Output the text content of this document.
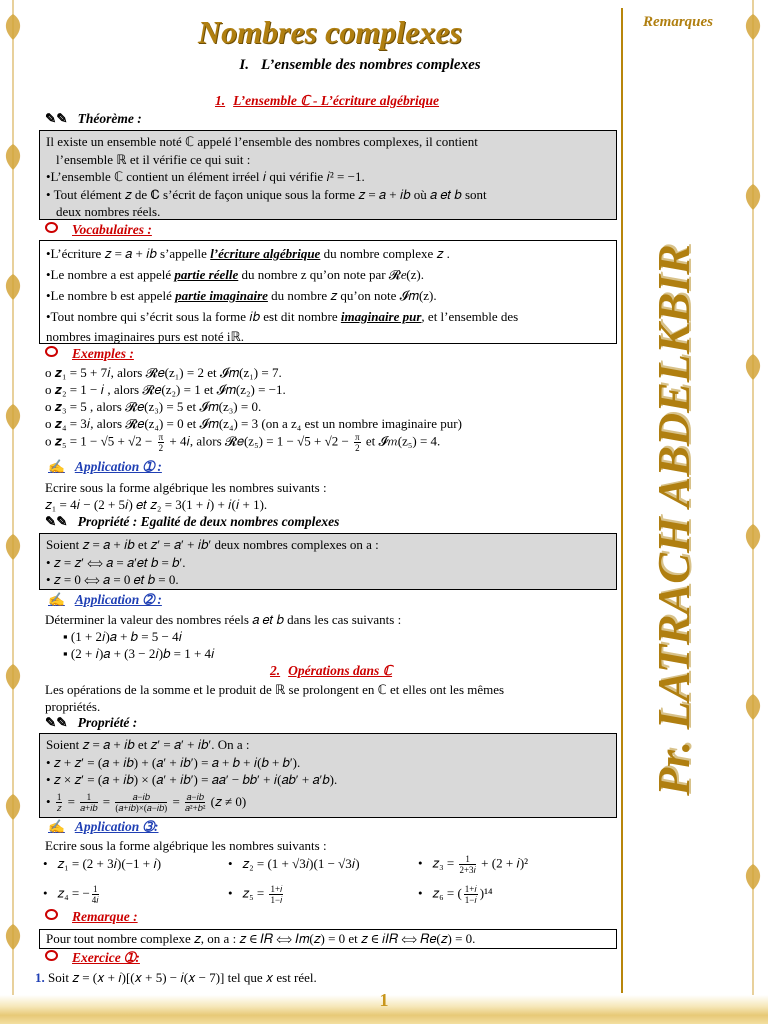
1
Remarques
Pr. LATRACH ABDELKBIR
Nombres complexes
I. L’ensemble des nombres complexes
1. L’ensemble ℂ - L’écriture algébrique
✎✎ Théorème :

Il existe un ensemble noté ℂ appelé l’ensemble des nombres complexes, il contient

l’ensemble ℝ et il vérifie ce qui suit :

•L’ensemble ℂ contient un élément irréel 𝑖 qui vérifie 𝑖² = −1.

• Tout élément 𝑧 de ℂ s’écrit de façon unique sous la forme 𝑧 = 𝑎 + 𝑖𝑏 où 𝑎 𝑒𝑡 𝑏 sont

deux nombres réels.

Vocabulaires :

•L’écriture 𝑧 = 𝑎 + 𝑖𝑏 s’appelle l’écriture algébrique du nombre complexe 𝑧 .

•Le nombre a est appelé partie réelle du nombre z qu’on note par 𝓡𝑒(z).

•Le nombre b est appelé partie imaginaire du nombre 𝑧 qu’on note 𝓘𝑚(z).

•Tout nombre qui s’écrit sous la forme 𝑖𝑏 est dit nombre imaginaire pur, et l’ensemble des

nombres imaginaires purs est noté iℝ.

Exemples :
o 𝒛₁ = 5 + 7𝑖, alors 𝓡𝑒(z₁) = 2 et 𝓘𝑚(z₁) = 7.
o 𝒛₂ = 1 − 𝑖 , alors 𝓡𝑒(z₂) = 1 et 𝓘𝑚(z₂) = −1.
o 𝒛₃ = 5 , alors 𝓡𝑒(z₃) = 5 et 𝓘𝑚(z₃) = 0.
o 𝒛₄ = 3𝑖, alors 𝓡𝑒(z₄) = 0 et 𝓘𝑚(z₄) = 3 (on a z₄ est un nombre imaginaire pur)
o 𝒛₅ = $1 - √5 + √2 - \frac{\pi}{2}$ + 4𝑖, alors 𝓡𝑒(z₅) = $1 - √5 + √2 - \frac{\pi}{2}$ et 𝓘𝑚(z₅) = 4.
✍ Application ➀ :
Ecrire sous la forme algébrique les nombres suivants :
𝑧₁ = 4𝑖 − (2 + 5𝑖) 𝑒𝑡 𝑧₂ = 3(1 + 𝑖) + 𝑖(𝑖 + 1).
✎✎ Propriété : Egalité de deux nombres complexes

Soient 𝑧 = 𝑎 + 𝑖𝑏 et 𝑧′ = 𝑎′ + 𝑖𝑏′ deux nombres complexes on a :

• 𝑧 = 𝑧′ ⟺ 𝑎 = 𝑎′𝑒𝑡 𝑏 = 𝑏′.

• 𝑧 = 0 ⟺ 𝑎 = 0 𝑒𝑡 𝑏 = 0.

✍ Application ➁ :
Déterminer la valeur des nombres réels 𝑎 𝑒𝑡 𝑏 dans les cas suivants :
▪ (1 + 2𝑖)𝑎 + 𝑏 = 5 − 4𝑖
▪ (2 + 𝑖)𝑎 + (3 − 2𝑖)𝑏 = 1 + 4𝑖
2. Opérations dans ℂ
Les opérations de la somme et le produit de ℝ se prolongent en ℂ et elles ont les mêmes
propriétés.
✎✎ Propriété :

Soient 𝑧 = 𝑎 + 𝑖𝑏 et 𝑧′ = 𝑎′ + 𝑖𝑏′. On a :

• 𝑧 + 𝑧′ = (𝑎 + 𝑖𝑏) + (𝑎′ + 𝑖𝑏′) = 𝑎 + 𝑏 + 𝑖(𝑏 + 𝑏′).

• 𝑧 × 𝑧′ = (𝑎 + 𝑖𝑏) × (𝑎′ + 𝑖𝑏′) = 𝑎𝑎′ − 𝑏𝑏′ + 𝑖(𝑎𝑏′ + 𝑎′𝑏).

• $\frac{1}{\text{𝑧}} = \frac{1}{\text{𝑎+𝑖𝑏}} = \frac{\text{𝑎−𝑖𝑏}}{\text{(𝑎+𝑖𝑏)×(𝑎−𝑖𝑏)}} = \frac{\text{𝑎−𝑖𝑏}}{\text{𝑎²+𝑏²}}$ (𝑧 ≠ 0)

✍ Application ➂:
Ecrire sous la forme algébrique les nombres suivants :
•   𝑧₁ = (2 + 3𝑖)(−1 + 𝑖)	•   𝑧₂ = (1 + √3𝑖)(1 − √3𝑖)	•   𝑧₃ = $\frac{1}{\text{2+3𝑖}} + (2$ + 𝑖)²
•   𝑧₄ = − $\frac{1}{\text{4𝑖}}$	•   𝑧₅ = $\frac{\text{1+𝑖}}{\text{1−𝑖}}$	•   𝑧₆ = ( $\frac{\text{1+𝑖}}{\text{1−𝑖}} )^{14}$
Remarque :

Pour tout nombre complexe 𝑧, on a : 𝑧 ∈ 𝐼𝑅 ⟺ 𝐼𝑚(𝑧) = 0 et 𝑧 ∈ 𝑖𝐼𝑅 ⟺ 𝑅𝑒(𝑧) = 0.

Exercice ➀:
1. Soit 𝑧 = (𝑥 + 𝑖)[(𝑥 + 5) − 𝑖(𝑥 − 7)] tel que 𝑥 est réel.
